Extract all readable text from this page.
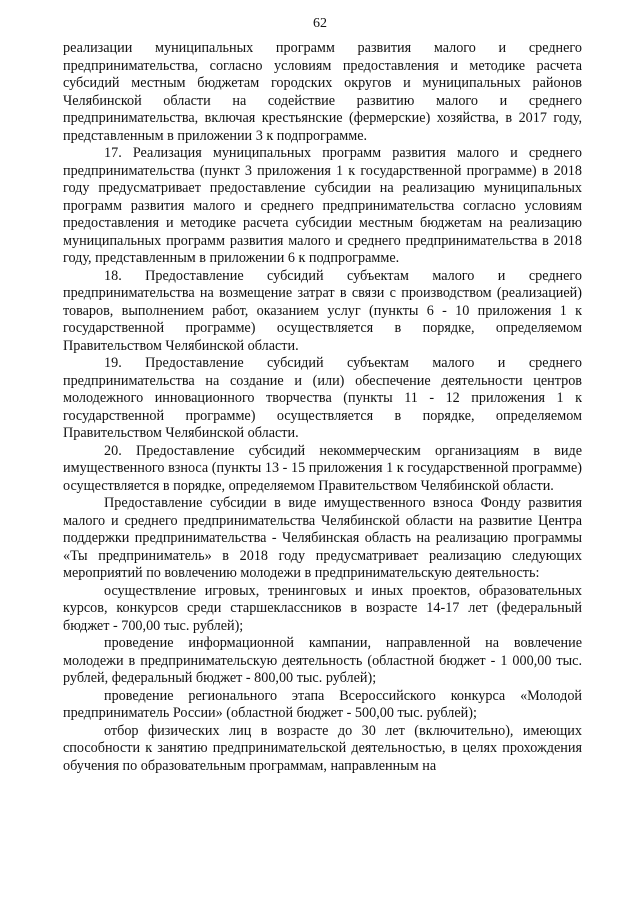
62

реализации муниципальных программ развития малого и среднего предпринимательства, согласно условиям предоставления и методике расчета субсидий местным бюджетам городских округов и муниципальных районов Челябинской области на содействие развитию малого и среднего предпринимательства, включая крестьянские (фермерские) хозяйства, в 2017 году, представленным в приложении 3 к подпрограмме.

17. Реализация муниципальных программ развития малого и среднего предпринимательства (пункт 3 приложения 1 к государственной программе) в 2018 году предусматривает предоставление субсидии на реализацию муниципальных программ развития малого и среднего предпринимательства согласно условиям предоставления и методике расчета субсидии местным бюджетам на реализацию муниципальных программ развития малого и среднего предпринимательства в 2018 году, представленным в приложении 6 к подпрограмме.

18. Предоставление субсидий субъектам малого и среднего предпринимательства на возмещение затрат в связи с производством (реализацией) товаров, выполнением работ, оказанием услуг (пункты 6 - 10 приложения 1 к государственной программе) осуществляется в порядке, определяемом Правительством Челябинской области.

19. Предоставление субсидий субъектам малого и среднего предпринимательства на создание и (или) обеспечение деятельности центров молодежного инновационного творчества (пункты 11 - 12 приложения 1 к государственной программе) осуществляется в порядке, определяемом Правительством Челябинской области.

20. Предоставление субсидий некоммерческим организациям в виде имущественного взноса (пункты 13 - 15 приложения 1 к государственной программе) осуществляется в порядке, определяемом Правительством Челябинской области.

Предоставление субсидии в виде имущественного взноса Фонду развития малого и среднего предпринимательства Челябинской области на развитие Центра поддержки предпринимательства - Челябинская область на реализацию программы «Ты предприниматель» в 2018 году предусматривает реализацию следующих мероприятий по вовлечению молодежи в предпринимательскую деятельность:

осуществление игровых, тренинговых и иных проектов, образовательных курсов, конкурсов среди старшеклассников в возрасте 14-17 лет (федеральный бюджет - 700,00 тыс. рублей);

проведение информационной кампании, направленной на вовлечение молодежи в предпринимательскую деятельность (областной бюджет - 1 000,00 тыс. рублей, федеральный бюджет - 800,00 тыс. рублей);

проведение регионального этапа Всероссийского конкурса «Молодой предприниматель России» (областной бюджет - 500,00 тыс. рублей);

отбор физических лиц в возрасте до 30 лет (включительно), имеющих способности к занятию предпринимательской деятельностью, в целях прохождения обучения по образовательным программам, направленным на
